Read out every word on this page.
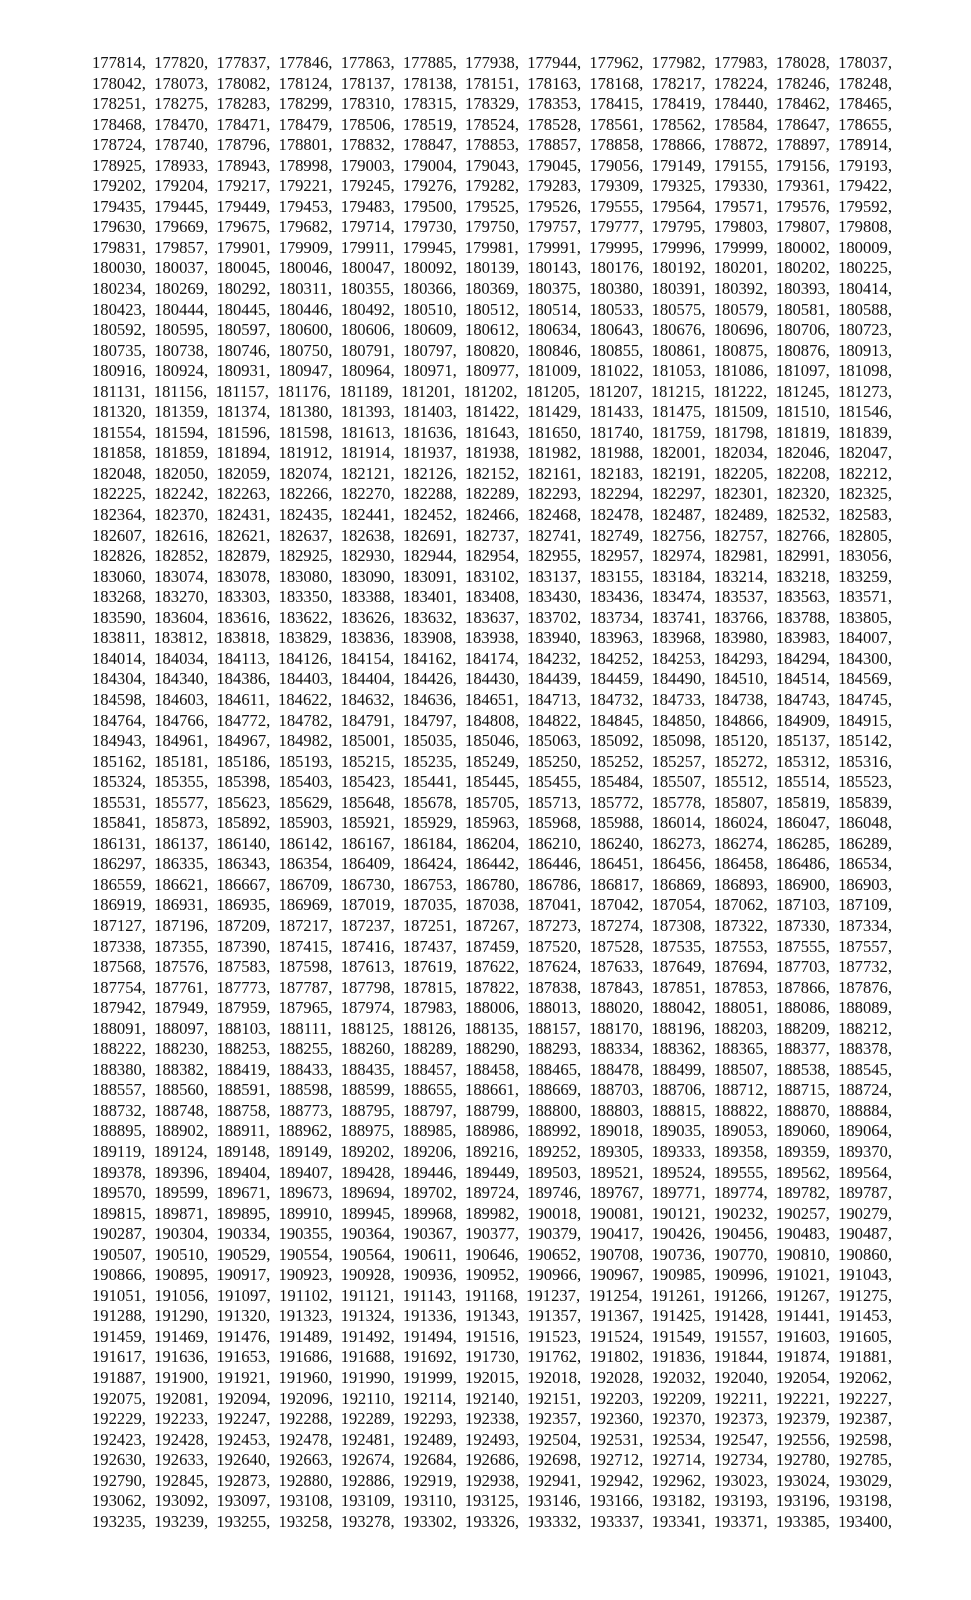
177814, 177820, 177837, 177846, 177863, 177885, 177938, 177944, 177962, 177982, 177983, 178028, 178037,
178042, 178073, 178082, 178124, 178137, 178138, 178151, 178163, 178168, 178217, 178224, 178246, 178248,
178251, 178275, 178283, 178299, 178310, 178315, 178329, 178353, 178415, 178419, 178440, 178462, 178465,
178468, 178470, 178471, 178479, 178506, 178519, 178524, 178528, 178561, 178562, 178584, 178647, 178655,
178724, 178740, 178796, 178801, 178832, 178847, 178853, 178857, 178858, 178866, 178872, 178897, 178914,
178925, 178933, 178943, 178998, 179003, 179004, 179043, 179045, 179056, 179149, 179155, 179156, 179193,
179202, 179204, 179217, 179221, 179245, 179276, 179282, 179283, 179309, 179325, 179330, 179361, 179422,
179435, 179445, 179449, 179453, 179483, 179500, 179525, 179526, 179555, 179564, 179571, 179576, 179592,
179630, 179669, 179675, 179682, 179714, 179730, 179750, 179757, 179777, 179795, 179803, 179807, 179808,
179831, 179857, 179901, 179909, 179911, 179945, 179981, 179991, 179995, 179996, 179999, 180002, 180009,
180030, 180037, 180045, 180046, 180047, 180092, 180139, 180143, 180176, 180192, 180201, 180202, 180225,
180234, 180269, 180292, 180311, 180355, 180366, 180369, 180375, 180380, 180391, 180392, 180393, 180414,
180423, 180444, 180445, 180446, 180492, 180510, 180512, 180514, 180533, 180575, 180579, 180581, 180588,
180592, 180595, 180597, 180600, 180606, 180609, 180612, 180634, 180643, 180676, 180696, 180706, 180723,
180735, 180738, 180746, 180750, 180791, 180797, 180820, 180846, 180855, 180861, 180875, 180876, 180913,
180916, 180924, 180931, 180947, 180964, 180971, 180977, 181009, 181022, 181053, 181086, 181097, 181098,
181131, 181156, 181157, 181176, 181189, 181201, 181202, 181205, 181207, 181215, 181222, 181245, 181273,
181320, 181359, 181374, 181380, 181393, 181403, 181422, 181429, 181433, 181475, 181509, 181510, 181546,
181554, 181594, 181596, 181598, 181613, 181636, 181643, 181650, 181740, 181759, 181798, 181819, 181839,
181858, 181859, 181894, 181912, 181914, 181937, 181938, 181982, 181988, 182001, 182034, 182046, 182047,
182048, 182050, 182059, 182074, 182121, 182126, 182152, 182161, 182183, 182191, 182205, 182208, 182212,
182225, 182242, 182263, 182266, 182270, 182288, 182289, 182293, 182294, 182297, 182301, 182320, 182325,
182364, 182370, 182431, 182435, 182441, 182452, 182466, 182468, 182478, 182487, 182489, 182532, 182583,
182607, 182616, 182621, 182637, 182638, 182691, 182737, 182741, 182749, 182756, 182757, 182766, 182805,
182826, 182852, 182879, 182925, 182930, 182944, 182954, 182955, 182957, 182974, 182981, 182991, 183056,
183060, 183074, 183078, 183080, 183090, 183091, 183102, 183137, 183155, 183184, 183214, 183218, 183259,
183268, 183270, 183303, 183350, 183388, 183401, 183408, 183430, 183436, 183474, 183537, 183563, 183571,
183590, 183604, 183616, 183622, 183626, 183632, 183637, 183702, 183734, 183741, 183766, 183788, 183805,
183811, 183812, 183818, 183829, 183836, 183908, 183938, 183940, 183963, 183968, 183980, 183983, 184007,
184014, 184034, 184113, 184126, 184154, 184162, 184174, 184232, 184252, 184253, 184293, 184294, 184300,
184304, 184340, 184386, 184403, 184404, 184426, 184430, 184439, 184459, 184490, 184510, 184514, 184569,
184598, 184603, 184611, 184622, 184632, 184636, 184651, 184713, 184732, 184733, 184738, 184743, 184745,
184764, 184766, 184772, 184782, 184791, 184797, 184808, 184822, 184845, 184850, 184866, 184909, 184915,
184943, 184961, 184967, 184982, 185001, 185035, 185046, 185063, 185092, 185098, 185120, 185137, 185142,
185162, 185181, 185186, 185193, 185215, 185235, 185249, 185250, 185252, 185257, 185272, 185312, 185316,
185324, 185355, 185398, 185403, 185423, 185441, 185445, 185455, 185484, 185507, 185512, 185514, 185523,
185531, 185577, 185623, 185629, 185648, 185678, 185705, 185713, 185772, 185778, 185807, 185819, 185839,
185841, 185873, 185892, 185903, 185921, 185929, 185963, 185968, 185988, 186014, 186024, 186047, 186048,
186131, 186137, 186140, 186142, 186167, 186184, 186204, 186210, 186240, 186273, 186274, 186285, 186289,
186297, 186335, 186343, 186354, 186409, 186424, 186442, 186446, 186451, 186456, 186458, 186486, 186534,
186559, 186621, 186667, 186709, 186730, 186753, 186780, 186786, 186817, 186869, 186893, 186900, 186903,
186919, 186931, 186935, 186969, 187019, 187035, 187038, 187041, 187042, 187054, 187062, 187103, 187109,
187127, 187196, 187209, 187217, 187237, 187251, 187267, 187273, 187274, 187308, 187322, 187330, 187334,
187338, 187355, 187390, 187415, 187416, 187437, 187459, 187520, 187528, 187535, 187553, 187555, 187557,
187568, 187576, 187583, 187598, 187613, 187619, 187622, 187624, 187633, 187649, 187694, 187703, 187732,
187754, 187761, 187773, 187787, 187798, 187815, 187822, 187838, 187843, 187851, 187853, 187866, 187876,
187942, 187949, 187959, 187965, 187974, 187983, 188006, 188013, 188020, 188042, 188051, 188086, 188089,
188091, 188097, 188103, 188111, 188125, 188126, 188135, 188157, 188170, 188196, 188203, 188209, 188212,
188222, 188230, 188253, 188255, 188260, 188289, 188290, 188293, 188334, 188362, 188365, 188377, 188378,
188380, 188382, 188419, 188433, 188435, 188457, 188458, 188465, 188478, 188499, 188507, 188538, 188545,
188557, 188560, 188591, 188598, 188599, 188655, 188661, 188669, 188703, 188706, 188712, 188715, 188724,
188732, 188748, 188758, 188773, 188795, 188797, 188799, 188800, 188803, 188815, 188822, 188870, 188884,
188895, 188902, 188911, 188962, 188975, 188985, 188986, 188992, 189018, 189035, 189053, 189060, 189064,
189119, 189124, 189148, 189149, 189202, 189206, 189216, 189252, 189305, 189333, 189358, 189359, 189370,
189378, 189396, 189404, 189407, 189428, 189446, 189449, 189503, 189521, 189524, 189555, 189562, 189564,
189570, 189599, 189671, 189673, 189694, 189702, 189724, 189746, 189767, 189771, 189774, 189782, 189787,
189815, 189871, 189895, 189910, 189945, 189968, 189982, 190018, 190081, 190121, 190232, 190257, 190279,
190287, 190304, 190334, 190355, 190364, 190367, 190377, 190379, 190417, 190426, 190456, 190483, 190487,
190507, 190510, 190529, 190554, 190564, 190611, 190646, 190652, 190708, 190736, 190770, 190810, 190860,
190866, 190895, 190917, 190923, 190928, 190936, 190952, 190966, 190967, 190985, 190996, 191021, 191043,
191051, 191056, 191097, 191102, 191121, 191143, 191168, 191237, 191254, 191261, 191266, 191267, 191275,
191288, 191290, 191320, 191323, 191324, 191336, 191343, 191357, 191367, 191425, 191428, 191441, 191453,
191459, 191469, 191476, 191489, 191492, 191494, 191516, 191523, 191524, 191549, 191557, 191603, 191605,
191617, 191636, 191653, 191686, 191688, 191692, 191730, 191762, 191802, 191836, 191844, 191874, 191881,
191887, 191900, 191921, 191960, 191990, 191999, 192015, 192018, 192028, 192032, 192040, 192054, 192062,
192075, 192081, 192094, 192096, 192110, 192114, 192140, 192151, 192203, 192209, 192211, 192221, 192227,
192229, 192233, 192247, 192288, 192289, 192293, 192338, 192357, 192360, 192370, 192373, 192379, 192387,
192423, 192428, 192453, 192478, 192481, 192489, 192493, 192504, 192531, 192534, 192547, 192556, 192598,
192630, 192633, 192640, 192663, 192674, 192684, 192686, 192698, 192712, 192714, 192734, 192780, 192785,
192790, 192845, 192873, 192880, 192886, 192919, 192938, 192941, 192942, 192962, 193023, 193024, 193029,
193062, 193092, 193097, 193108, 193109, 193110, 193125, 193146, 193166, 193182, 193193, 193196, 193198,
193235, 193239, 193255, 193258, 193278, 193302, 193326, 193332, 193337, 193341, 193371, 193385, 193400,
